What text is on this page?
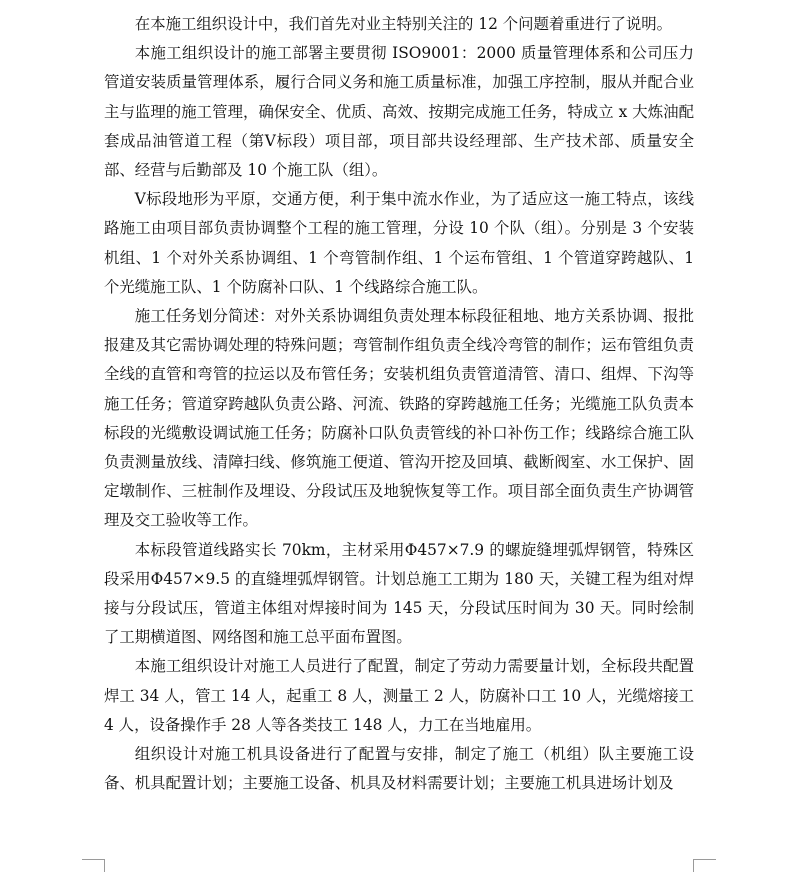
在本施工组织设计中，我们首先对业主特别关注的 12 个问题着重进行了说明。

本施工组织设计的施工部署主要贯彻 ISO9001：2000 质量管理体系和公司压力管道安装质量管理体系，履行合同义务和施工质量标准，加强工序控制，服从并配合业主与监理的施工管理，确保安全、优质、高效、按期完成施工任务，特成立 x 大炼油配套成品油管道工程（第Ⅴ标段）项目部，项目部共设经理部、生产技术部、质量安全部、经营与后勤部及 10 个施工队（组）。

Ⅴ标段地形为平原，交通方便，利于集中流水作业，为了适应这一施工特点，该线路施工由项目部负责协调整个工程的施工管理，分设 10 个队（组）。分别是 3 个安装机组、1 个对外关系协调组、1 个弯管制作组、1 个运布管组、1 个管道穿跨越队、1 个光缆施工队、1 个防腐补口队、1 个线路综合施工队。

施工任务划分简述：对外关系协调组负责处理本标段征租地、地方关系协调、报批报建及其它需协调处理的特殊问题；弯管制作组负责全线冷弯管的制作；运布管组负责全线的直管和弯管的拉运以及布管任务；安装机组负责管道清管、清口、组焊、下沟等施工任务；管道穿跨越队负责公路、河流、铁路的穿跨越施工任务；光缆施工队负责本标段的光缆敷设调试施工任务；防腐补口队负责管线的补口补伤工作；线路综合施工队负责测量放线、清障扫线、修筑施工便道、管沟开挖及回填、截断阀室、水工保护、固定墩制作、三桩制作及埋设、分段试压及地貌恢复等工作。项目部全面负责生产协调管理及交工验收等工作。

本标段管道线路实长 70km，主材采用Φ457×7.9 的螺旋缝埋弧焊钢管，特殊区段采用Φ457×9.5 的直缝埋弧焊钢管。计划总施工工期为 180 天，关键工程为组对焊接与分段试压，管道主体组对焊接时间为 145 天，分段试压时间为 30 天。同时绘制了工期横道图、网络图和施工总平面布置图。

本施工组织设计对施工人员进行了配置，制定了劳动力需要量计划，全标段共配置焊工 34 人，管工 14 人，起重工 8 人，测量工 2 人，防腐补口工 10 人，光缆熔接工 4 人，设备操作手 28 人等各类技工 148 人，力工在当地雇用。

组织设计对施工机具设备进行了配置与安排，制定了施工（机组）队主要施工设备、机具配置计划；主要施工设备、机具及材料需要计划；主要施工机具进场计划及
